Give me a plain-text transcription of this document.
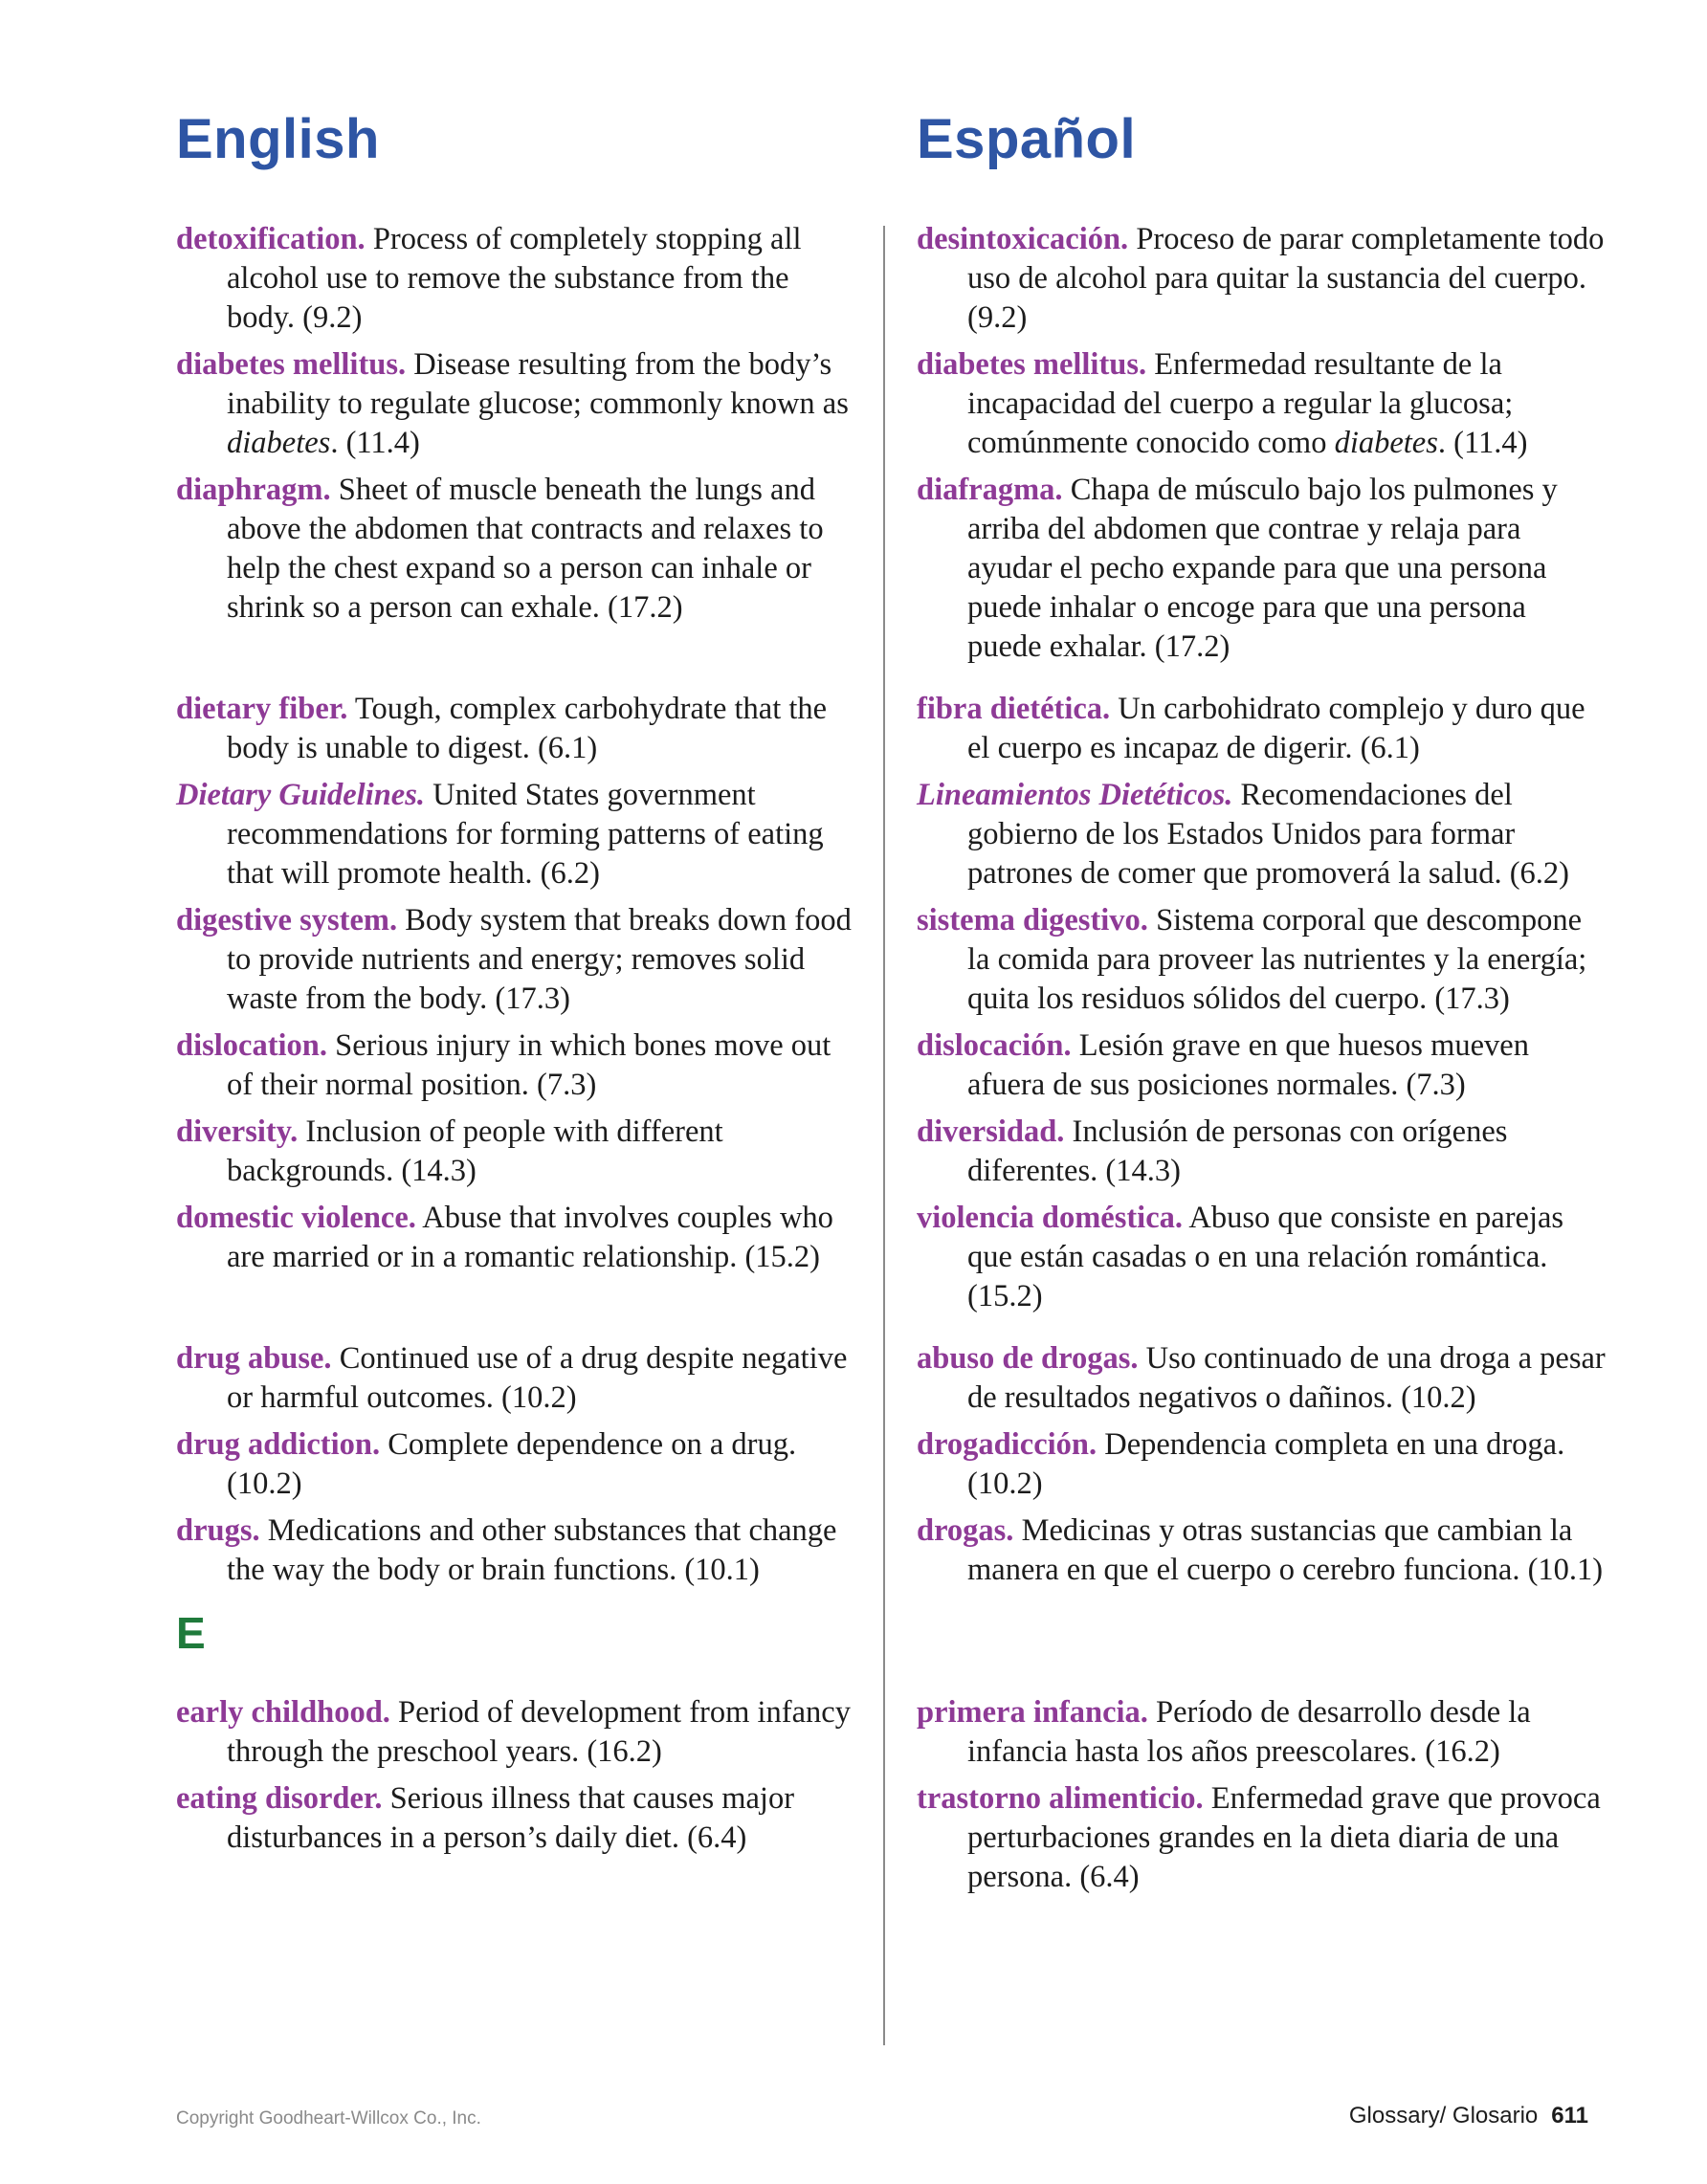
English	Español
detoxification. Process of completely stopping all alcohol use to remove the substance from the body. (9.2)
diabetes mellitus. Disease resulting from the body’s inability to regulate glucose; commonly known as diabetes. (11.4)
diaphragm. Sheet of muscle beneath the lungs and above the abdomen that contracts and relaxes to help the chest expand so a person can inhale or shrink so a person can exhale. (17.2)
dietary fiber. Tough, complex carbohydrate that the body is unable to digest. (6.1)
Dietary Guidelines. United States government recommendations for forming patterns of eating that will promote health. (6.2)
digestive system. Body system that breaks down food to provide nutrients and energy; removes solid waste from the body. (17.3)
dislocation. Serious injury in which bones move out of their normal position. (7.3)
diversity. Inclusion of people with different backgrounds. (14.3)
domestic violence. Abuse that involves couples who are married or in a romantic relationship. (15.2)
drug abuse. Continued use of a drug despite negative or harmful outcomes. (10.2)
drug addiction. Complete dependence on a drug. (10.2)
drugs. Medications and other substances that change the way the body or brain functions. (10.1)
early childhood. Period of development from infancy through the preschool years. (16.2)
eating disorder. Serious illness that causes major disturbances in a person’s daily diet. (6.4)
desintoxicación. Proceso de parar completamente todo uso de alcohol para quitar la sustancia del cuerpo. (9.2)
diabetes mellitus. Enfermedad resultante de la incapacidad del cuerpo a regular la glucosa; comúnmente conocido como diabetes. (11.4)
diafragma. Chapa de músculo bajo los pulmones y arriba del abdomen que contrae y relaja para ayudar el pecho expande para que una persona puede inhalar o encoge para que una persona puede exhalar. (17.2)
fibra dietética. Un carbohidrato complejo y duro que el cuerpo es incapaz de digerir. (6.1)
Lineamientos Dietéticos. Recomendaciones del gobierno de los Estados Unidos para formar patrones de comer que promoverá la salud. (6.2)
sistema digestivo. Sistema corporal que descompone la comida para proveer las nutrientes y la energía; quita los residuos sólidos del cuerpo. (17.3)
dislocación. Lesión grave en que huesos mueven afuera de sus posiciones normales. (7.3)
diversidad. Inclusión de personas con orígenes diferentes. (14.3)
violencia doméstica. Abuso que consiste en parejas que están casadas o en una relación romántica. (15.2)
abuso de drogas. Uso continuado de una droga a pesar de resultados negativos o dañinos. (10.2)
drogadicción. Dependencia completa en una droga. (10.2)
drogas. Medicinas y otras sustancias que cambian la manera en que el cuerpo o cerebro funciona. (10.1)
primera infancia. Período de desarrollo desde la infancia hasta los años preescolares. (16.2)
trastorno alimenticio. Enfermedad grave que provoca perturbaciones grandes en la dieta diaria de una persona. (6.4)
E
Copyright Goodheart-Willcox Co., Inc.	Glossary/ Glosario 611
